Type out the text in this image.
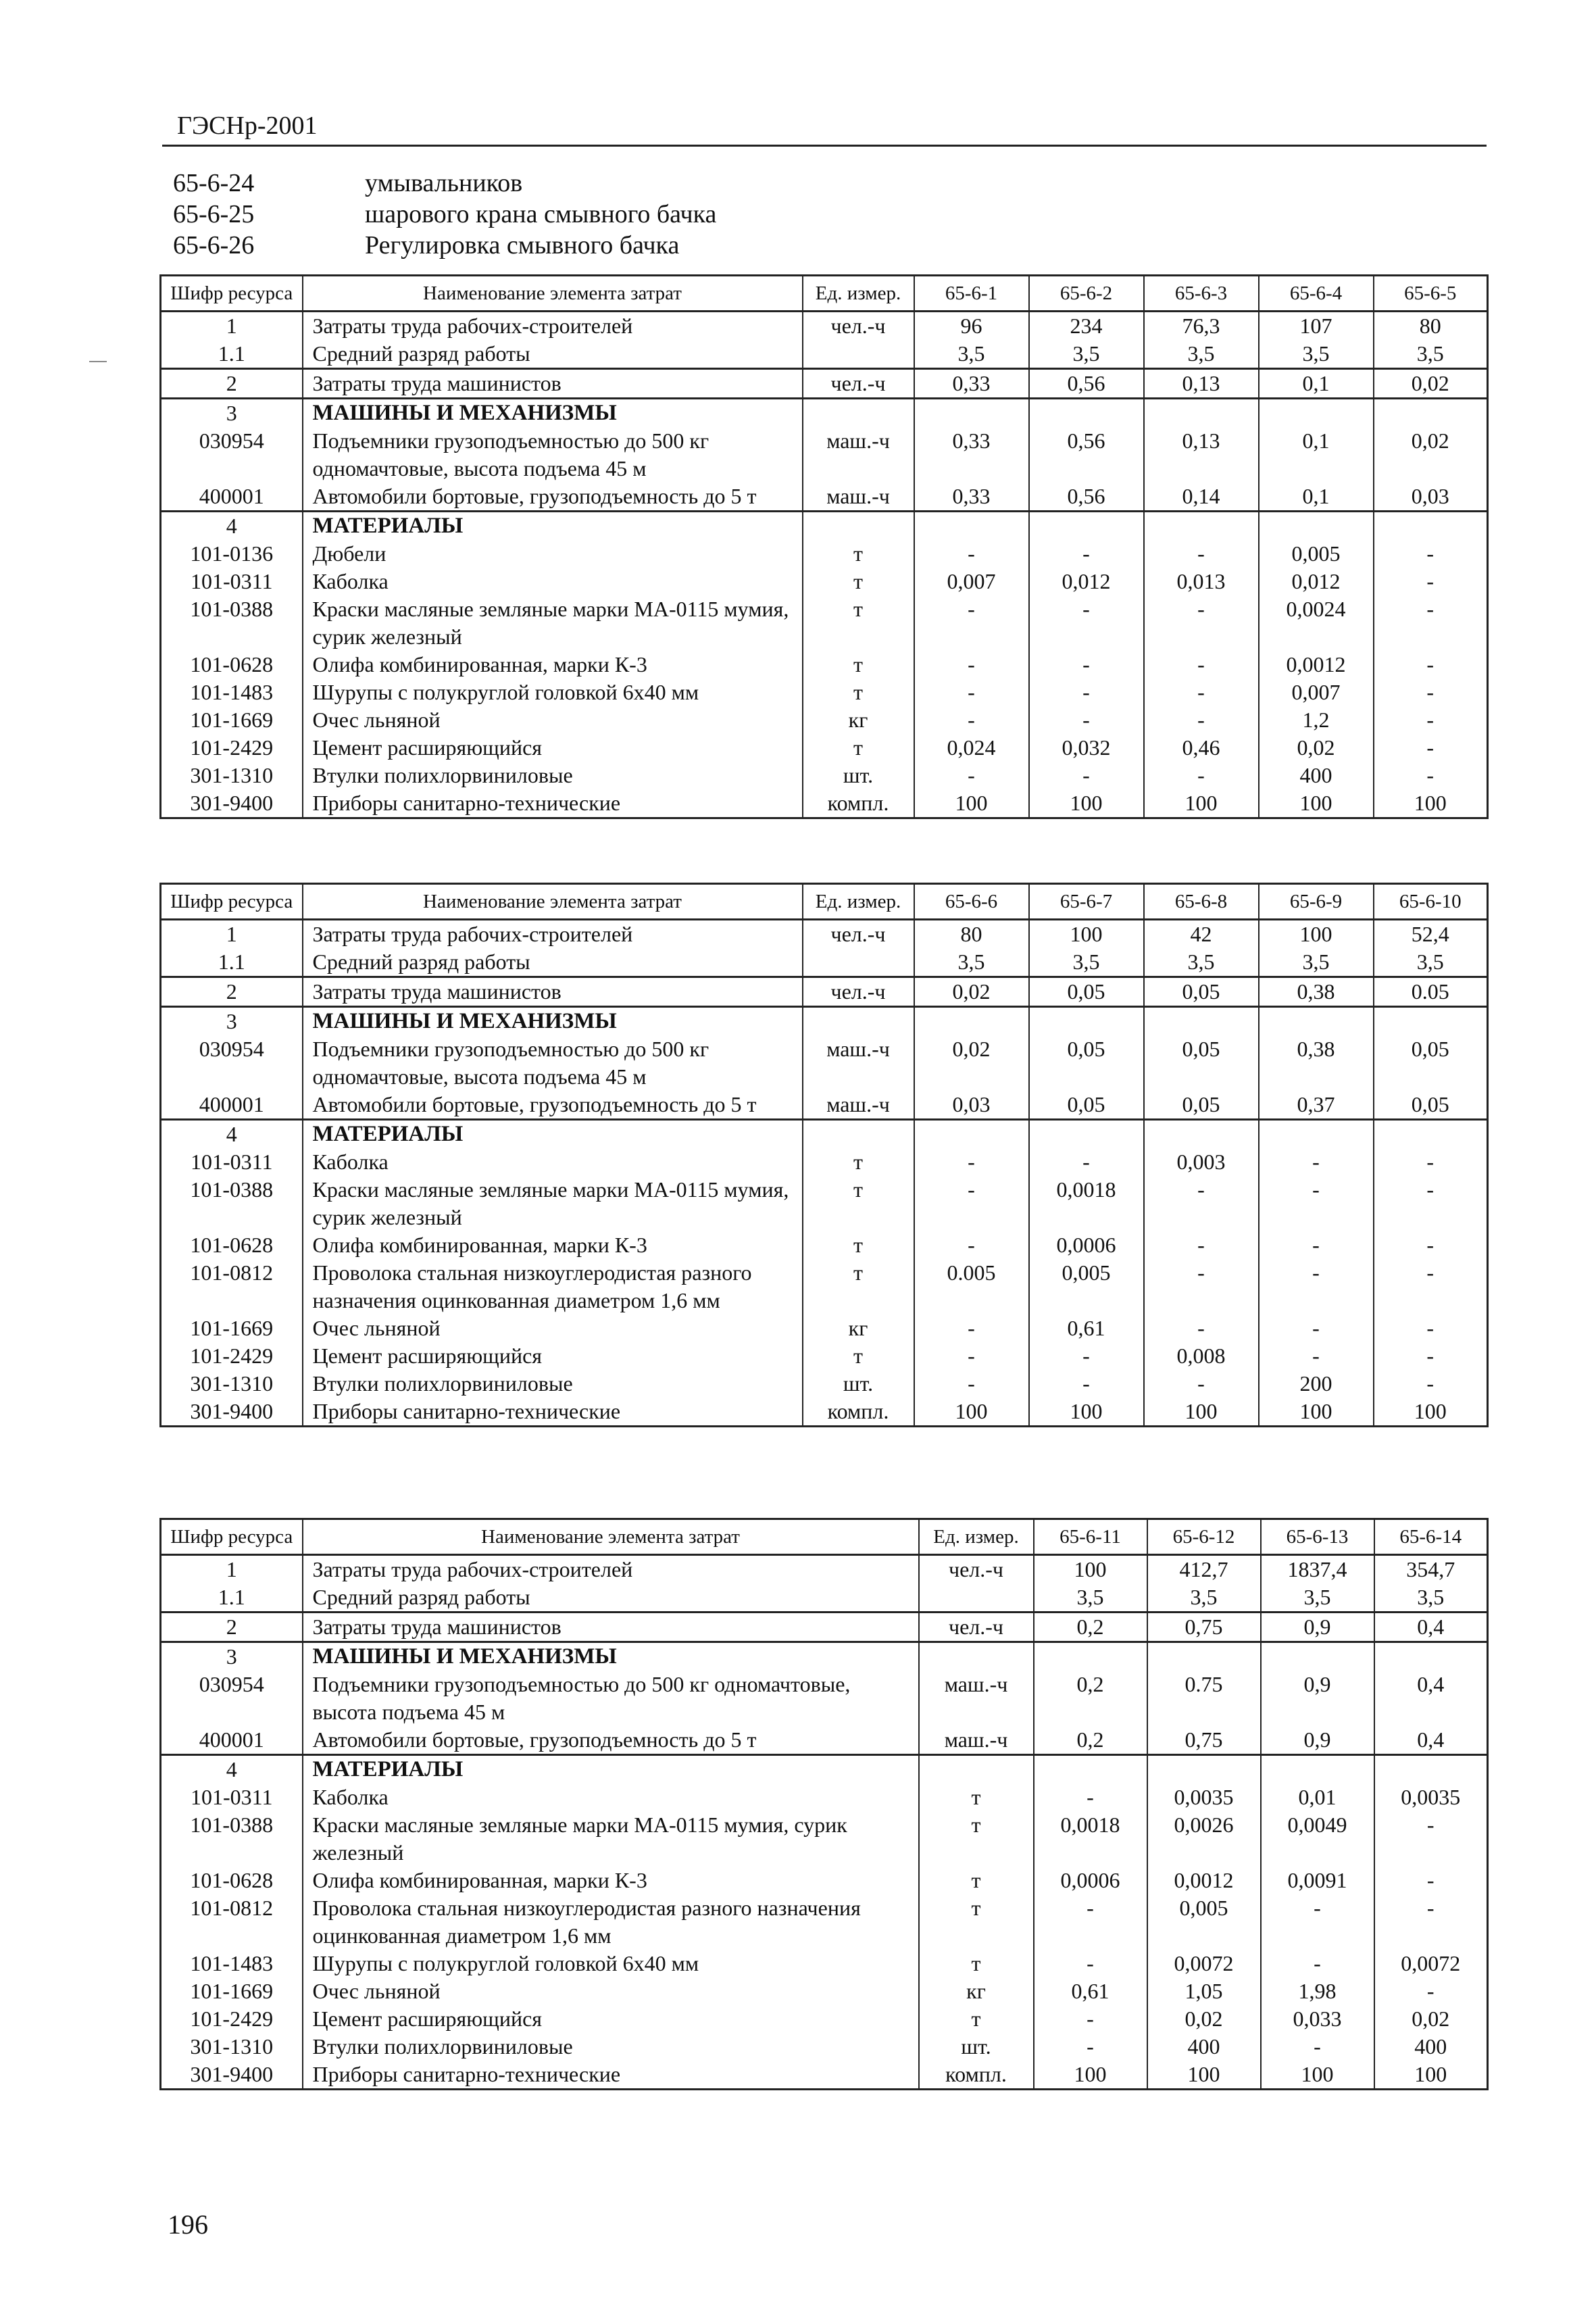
ГЭСНр-2001
65-6-24	умывальников
65-6-25	шарового крана смывного бачка
65-6-26	Регулировка смывного бачка
Шифр ресурса	Наименование элемента затрат	Ед. измер.	65-6-1	65-6-2	65-6-3	65-6-4	65-6-5
1	Затраты труда рабочих-строителей	чел.-ч	96	234	76,3	107	80
1.1	Средний разряд работы		3,5	3,5	3,5	3,5	3,5
2	Затраты труда машинистов	чел.-ч	0,33	0,56	0,13	0,1	0,02
3	МАШИНЫ И МЕХАНИЗМЫ						
030954	Подъемники грузоподъемностью до 500 кг одномачтовые, высота подъема 45 м	маш.-ч	0,33	0,56	0,13	0,1	0,02
400001	Автомобили бортовые, грузоподъемность до 5 т	маш.-ч	0,33	0,56	0,14	0,1	0,03
4	МАТЕРИАЛЫ						
101-0136	Дюбели	т	-	-	-	0,005	-
101-0311	Каболка	т	0,007	0,012	0,013	0,012	-
101-0388	Краски масляные земляные марки МА-0115 мумия, сурик железный	т	-	-	-	0,0024	-
101-0628	Олифа комбинированная, марки К-3	т	-	-	-	0,0012	-
101-1483	Шурупы с полукруглой головкой 6х40 мм	т	-	-	-	0,007	-
101-1669	Очес льняной	кг	-	-	-	1,2	-
101-2429	Цемент расширяющийся	т	0,024	0,032	0,46	0,02	-
301-1310	Втулки полихлорвиниловые	шт.	-	-	-	400	-
301-9400	Приборы санитарно-технические	компл.	100	100	100	100	100
Шифр ресурса	Наименование элемента затрат	Ед. измер.	65-6-6	65-6-7	65-6-8	65-6-9	65-6-10
1	Затраты труда рабочих-строителей	чел.-ч	80	100	42	100	52,4
1.1	Средний разряд работы		3,5	3,5	3,5	3,5	3,5
2	Затраты труда машинистов	чел.-ч	0,02	0,05	0,05	0,38	0.05
3	МАШИНЫ И МЕХАНИЗМЫ						
030954	Подъемники грузоподъемностью до 500 кг одномачтовые, высота подъема 45 м	маш.-ч	0,02	0,05	0,05	0,38	0,05
400001	Автомобили бортовые, грузоподъемность до 5 т	маш.-ч	0,03	0,05	0,05	0,37	0,05
4	МАТЕРИАЛЫ						
101-0311	Каболка	т	-	-	0,003	-	-
101-0388	Краски масляные земляные марки МА-0115 мумия, сурик железный	т	-	0,0018	-	-	-
101-0628	Олифа комбинированная, марки К-3	т	-	0,0006	-	-	-
101-0812	Проволока стальная низкоуглеродистая разного назначения оцинкованная диаметром 1,6 мм	т	0.005	0,005	-	-	-
101-1669	Очес льняной	кг	-	0,61	-	-	-
101-2429	Цемент расширяющийся	т	-	-	0,008	-	-
301-1310	Втулки полихлорвиниловые	шт.	-	-	-	200	-
301-9400	Приборы санитарно-технические	компл.	100	100	100	100	100
Шифр ресурса	Наименование элемента затрат	Ед. измер.	65-6-11	65-6-12	65-6-13	65-6-14
1	Затраты труда рабочих-строителей	чел.-ч	100	412,7	1837,4	354,7
1.1	Средний разряд работы		3,5	3,5	3,5	3,5
2	Затраты труда машинистов	чел.-ч	0,2	0,75	0,9	0,4
3	МАШИНЫ И МЕХАНИЗМЫ					
030954	Подъемники грузоподъемностью до 500 кг одномачтовые, высота подъема 45 м	маш.-ч	0,2	0.75	0,9	0,4
400001	Автомобили бортовые, грузоподъемность до 5 т	маш.-ч	0,2	0,75	0,9	0,4
4	МАТЕРИАЛЫ					
101-0311	Каболка	т	-	0,0035	0,01	0,0035
101-0388	Краски масляные земляные марки МА-0115 мумия, сурик железный	т	0,0018	0,0026	0,0049	-
101-0628	Олифа комбинированная, марки К-3	т	0,0006	0,0012	0,0091	-
101-0812	Проволока стальная низкоуглеродистая разного назначения оцинкованная диаметром 1,6 мм	т	-	0,005	-	-
101-1483	Шурупы с полукруглой головкой 6х40 мм	т	-	0,0072	-	0,0072
101-1669	Очес льняной	кг	0,61	1,05	1,98	-
101-2429	Цемент расширяющийся	т	-	0,02	0,033	0,02
301-1310	Втулки полихлорвиниловые	шт.	-	400	-	400
301-9400	Приборы санитарно-технические	компл.	100	100	100	100
196
